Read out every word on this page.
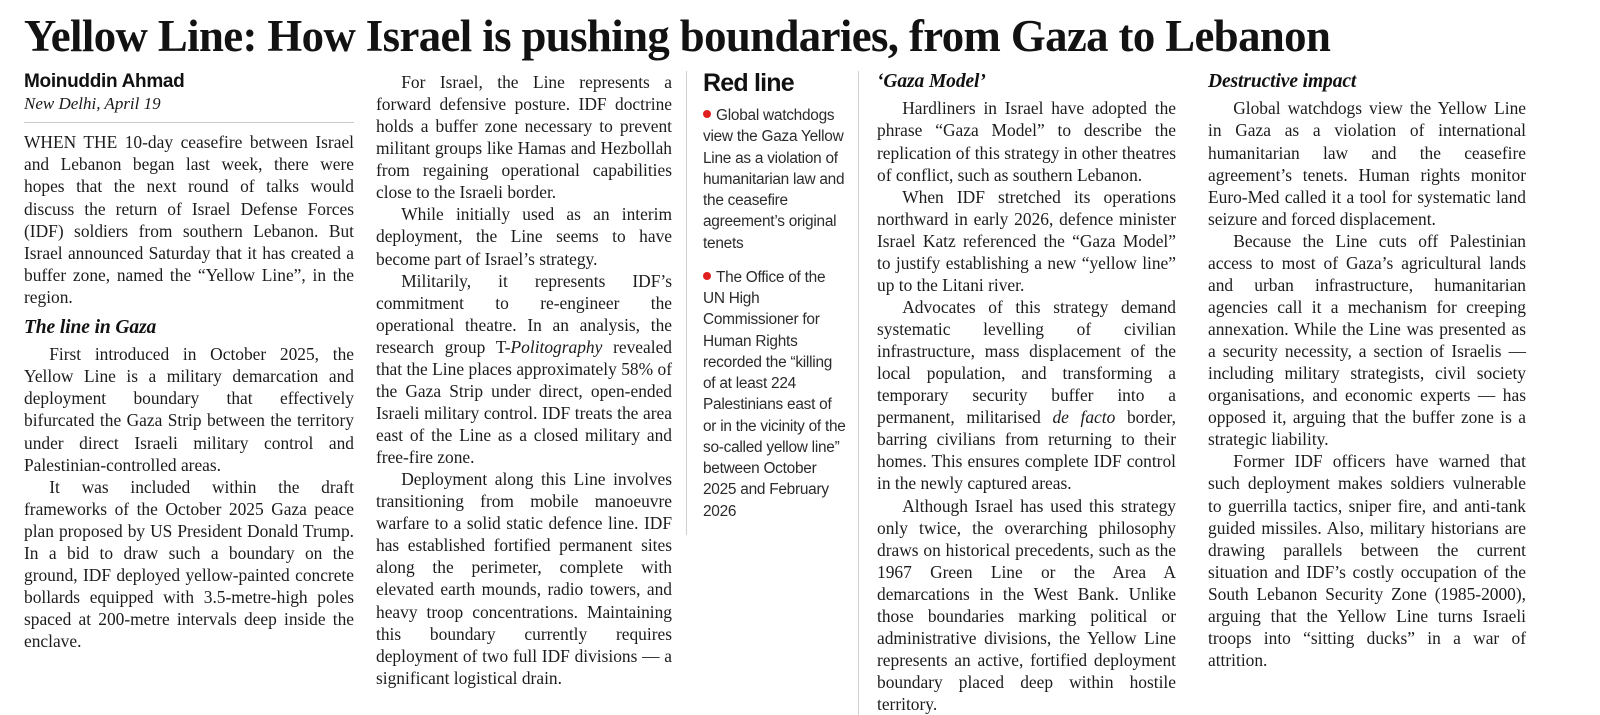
Yellow Line: How Israel is pushing boundaries, from Gaza to Lebanon
Moinuddin Ahmad
New Delhi, April 19

WHEN THE 10-day ceasefire between Israel and Lebanon began last week, there were hopes that the next round of talks would discuss the return of Israel Defense Forces (IDF) soldiers from southern Lebanon. But Israel announced Saturday that it has created a buffer zone, named the “Yellow Line”, in the region.

The line in Gaza

First introduced in October 2025, the Yellow Line is a military demarcation and deployment boundary that effectively bifurcated the Gaza Strip between the territory under direct Israeli military control and Palestinian-controlled areas.

It was included within the draft frameworks of the October 2025 Gaza peace plan proposed by US President Donald Trump. In a bid to draw such a boundary on the ground, IDF deployed yellow-painted concrete bollards equipped with 3.5-metre-high poles spaced at 200-metre intervals deep inside the enclave.

For Israel, the Line represents a forward defensive posture. IDF doctrine holds a buffer zone necessary to prevent militant groups like Hamas and Hezbollah from regaining operational capabilities close to the Israeli border.

While initially used as an interim deployment, the Line seems to have become part of Israel’s strategy.

Militarily, it represents IDF’s commitment to re-engineer the operational theatre. In an analysis, the research group T-Politography revealed that the Line places approximately 58% of the Gaza Strip under direct, open-ended Israeli military control. IDF treats the area east of the Line as a closed military and free-fire zone.

Deployment along this Line involves transitioning from mobile manoeuvre warfare to a solid static defence line. IDF has established fortified permanent sites along the perimeter, complete with elevated earth mounds, radio towers, and heavy troop concentrations. Maintaining this boundary currently requires deployment of two full IDF divisions — a significant logistical drain.

Red line
Global watchdogs view the Gaza Yellow Line as a violation of humanitarian law and the ceasefire agreement’s original tenets
The Office of the UN High Commissioner for Human Rights recorded the “killing of at least 224 Palestinians east of or in the vicinity of the so-called yellow line” between October 2025 and February 2026
‘Gaza Model’

Hardliners in Israel have adopted the phrase “Gaza Model” to describe the replication of this strategy in other theatres of conflict, such as southern Lebanon.

When IDF stretched its operations northward in early 2026, defence minister Israel Katz referenced the “Gaza Model” to justify establishing a new “yellow line” up to the Litani river.

Advocates of this strategy demand systematic levelling of civilian infrastructure, mass displacement of the local population, and transforming a temporary security buffer into a permanent, militarised de facto border, barring civilians from returning to their homes. This ensures complete IDF control in the newly captured areas.

Although Israel has used this strategy only twice, the overarching philosophy draws on historical precedents, such as the 1967 Green Line or the Area A demarcations in the West Bank. Unlike those boundaries marking political or administrative divisions, the Yellow Line represents an active, fortified deployment boundary placed deep within hostile territory.

Destructive impact

Global watchdogs view the Yellow Line in Gaza as a violation of international humanitarian law and the ceasefire agreement’s tenets. Human rights monitor Euro-Med called it a tool for systematic land seizure and forced displacement.

Because the Line cuts off Palestinian access to most of Gaza’s agricultural lands and urban infrastructure, humanitarian agencies call it a mechanism for creeping annexation. While the Line was presented as a security necessity, a section of Israelis — including military strategists, civil society organisations, and economic experts — has opposed it, arguing that the buffer zone is a strategic liability.

Former IDF officers have warned that such deployment makes soldiers vulnerable to guerrilla tactics, sniper fire, and anti-tank guided missiles. Also, military historians are drawing parallels between the current situation and IDF’s costly occupation of the South Lebanon Security Zone (1985-2000), arguing that the Yellow Line turns Israeli troops into “sitting ducks” in a war of attrition.
